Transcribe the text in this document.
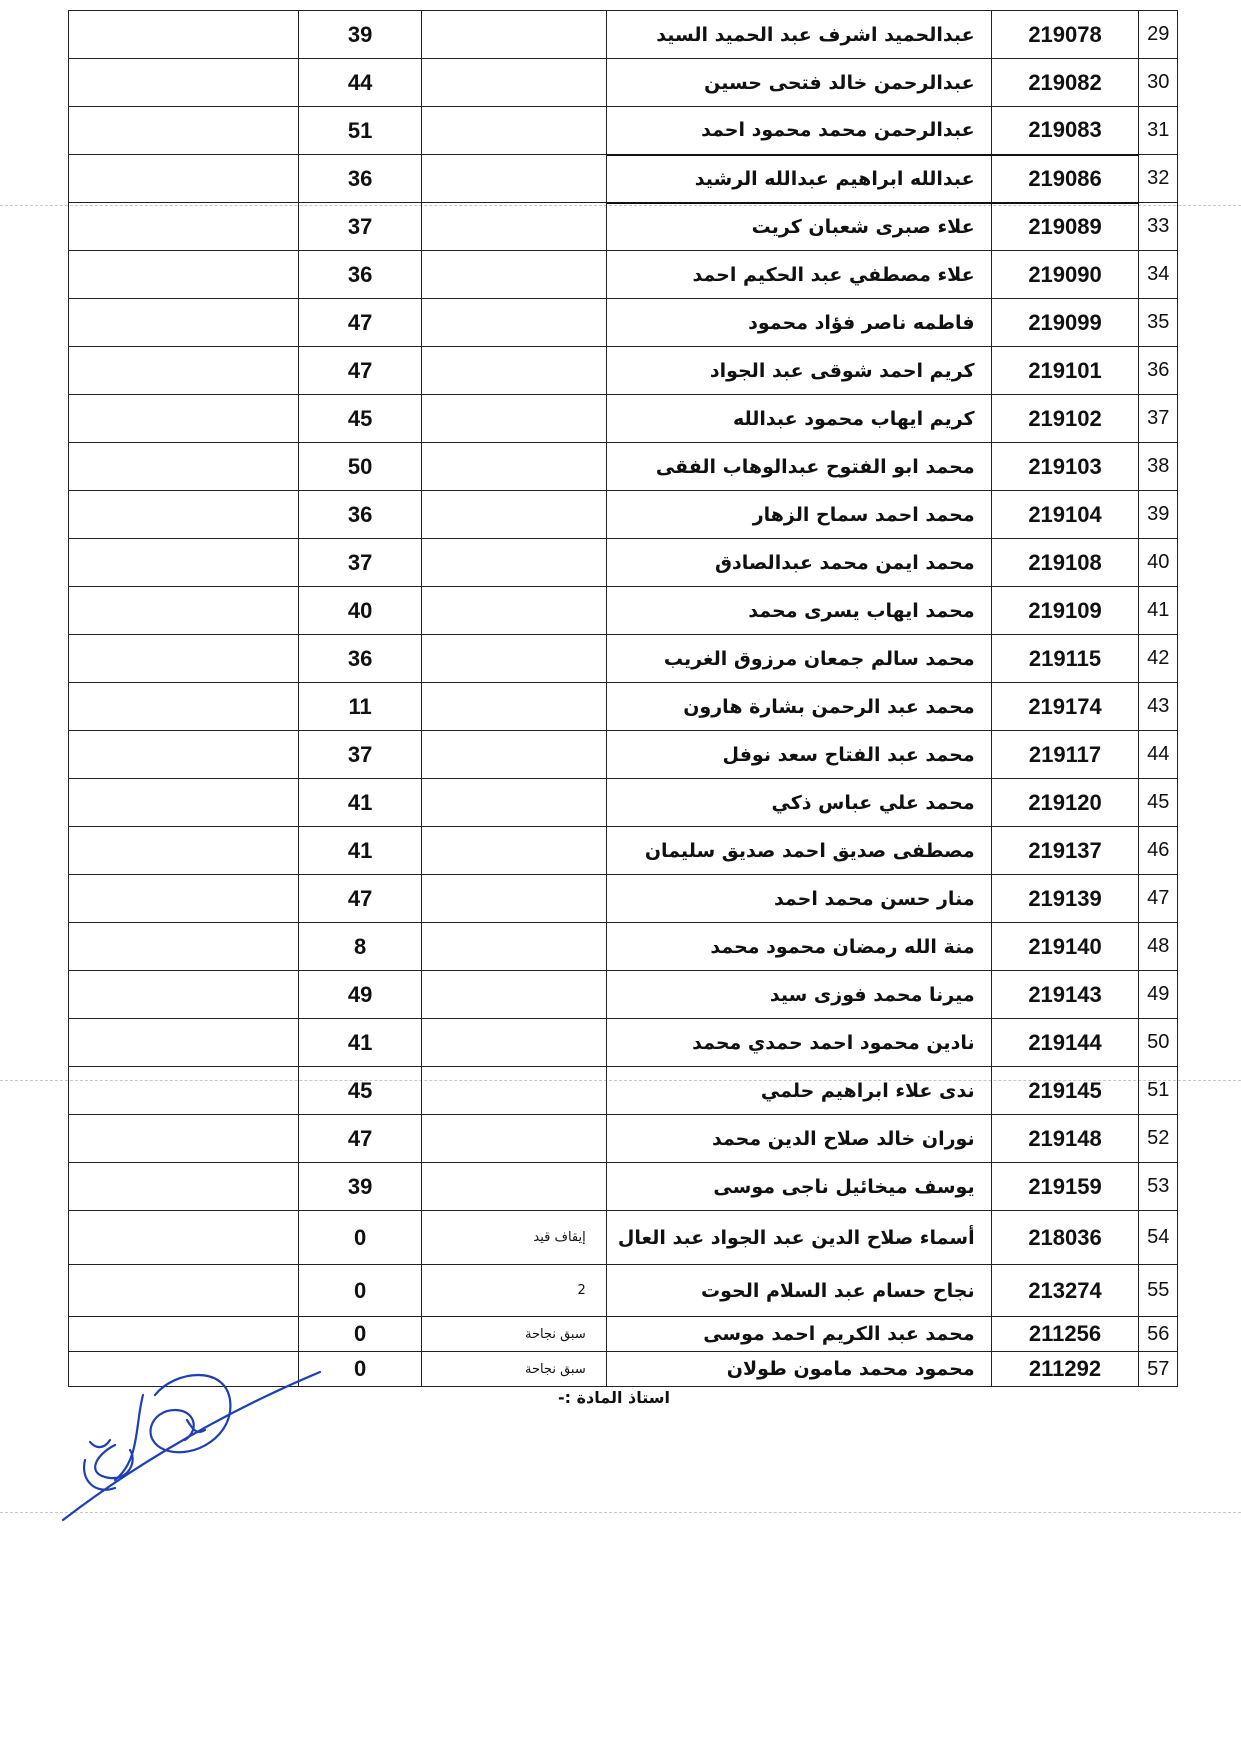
	39		عبدالحميد اشرف عبد الحميد السيد	219078	29
	44		عبدالرحمن خالد فتحى حسين	219082	30
	51		عبدالرحمن محمد محمود احمد	219083	31
	36		عبدالله ابراهيم عبدالله الرشيد	219086	32
	37		علاء صبرى شعبان كريت	219089	33
	36		علاء مصطفي عبد الحكيم احمد	219090	34
	47		فاطمه ناصر فؤاد محمود	219099	35
	47		كريم احمد شوقى عبد الجواد	219101	36
	45		كريم ايهاب محمود عبدالله	219102	37
	50		محمد ابو الفتوح عبدالوهاب الفقى	219103	38
	36		محمد احمد سماح الزهار	219104	39
	37		محمد ايمن محمد عبدالصادق	219108	40
	40		محمد ايهاب يسرى محمد	219109	41
	36		محمد سالم جمعان مرزوق الغريب	219115	42
	11		محمد عبد الرحمن بشارة هارون	219174	43
	37		محمد عبد الفتاح سعد نوفل	219117	44
	41		محمد علي عباس ذكي	219120	45
	41		مصطفى صديق احمد صديق سليمان	219137	46
	47		منار حسن محمد احمد	219139	47
	8		منة الله رمضان محمود محمد	219140	48
	49		ميرنا محمد فوزى سيد	219143	49
	41		نادين محمود احمد حمدي محمد	219144	50
	45		ندى علاء ابراهيم حلمي	219145	51
	47		نوران خالد صلاح الدين محمد	219148	52
	39		يوسف ميخائيل ناجى موسى	219159	53
	0	إيقاف قيد	أسماء صلاح الدين عبد الجواد عبد العال	218036	54
	0	2	نجاح حسام عبد السلام الحوت	213274	55
	0	سبق نجاحة	محمد عبد الكريم احمد موسى	211256	56
	0	سبق نجاحة	محمود محمد مامون طولان	211292	57
استاذ المادة :-
